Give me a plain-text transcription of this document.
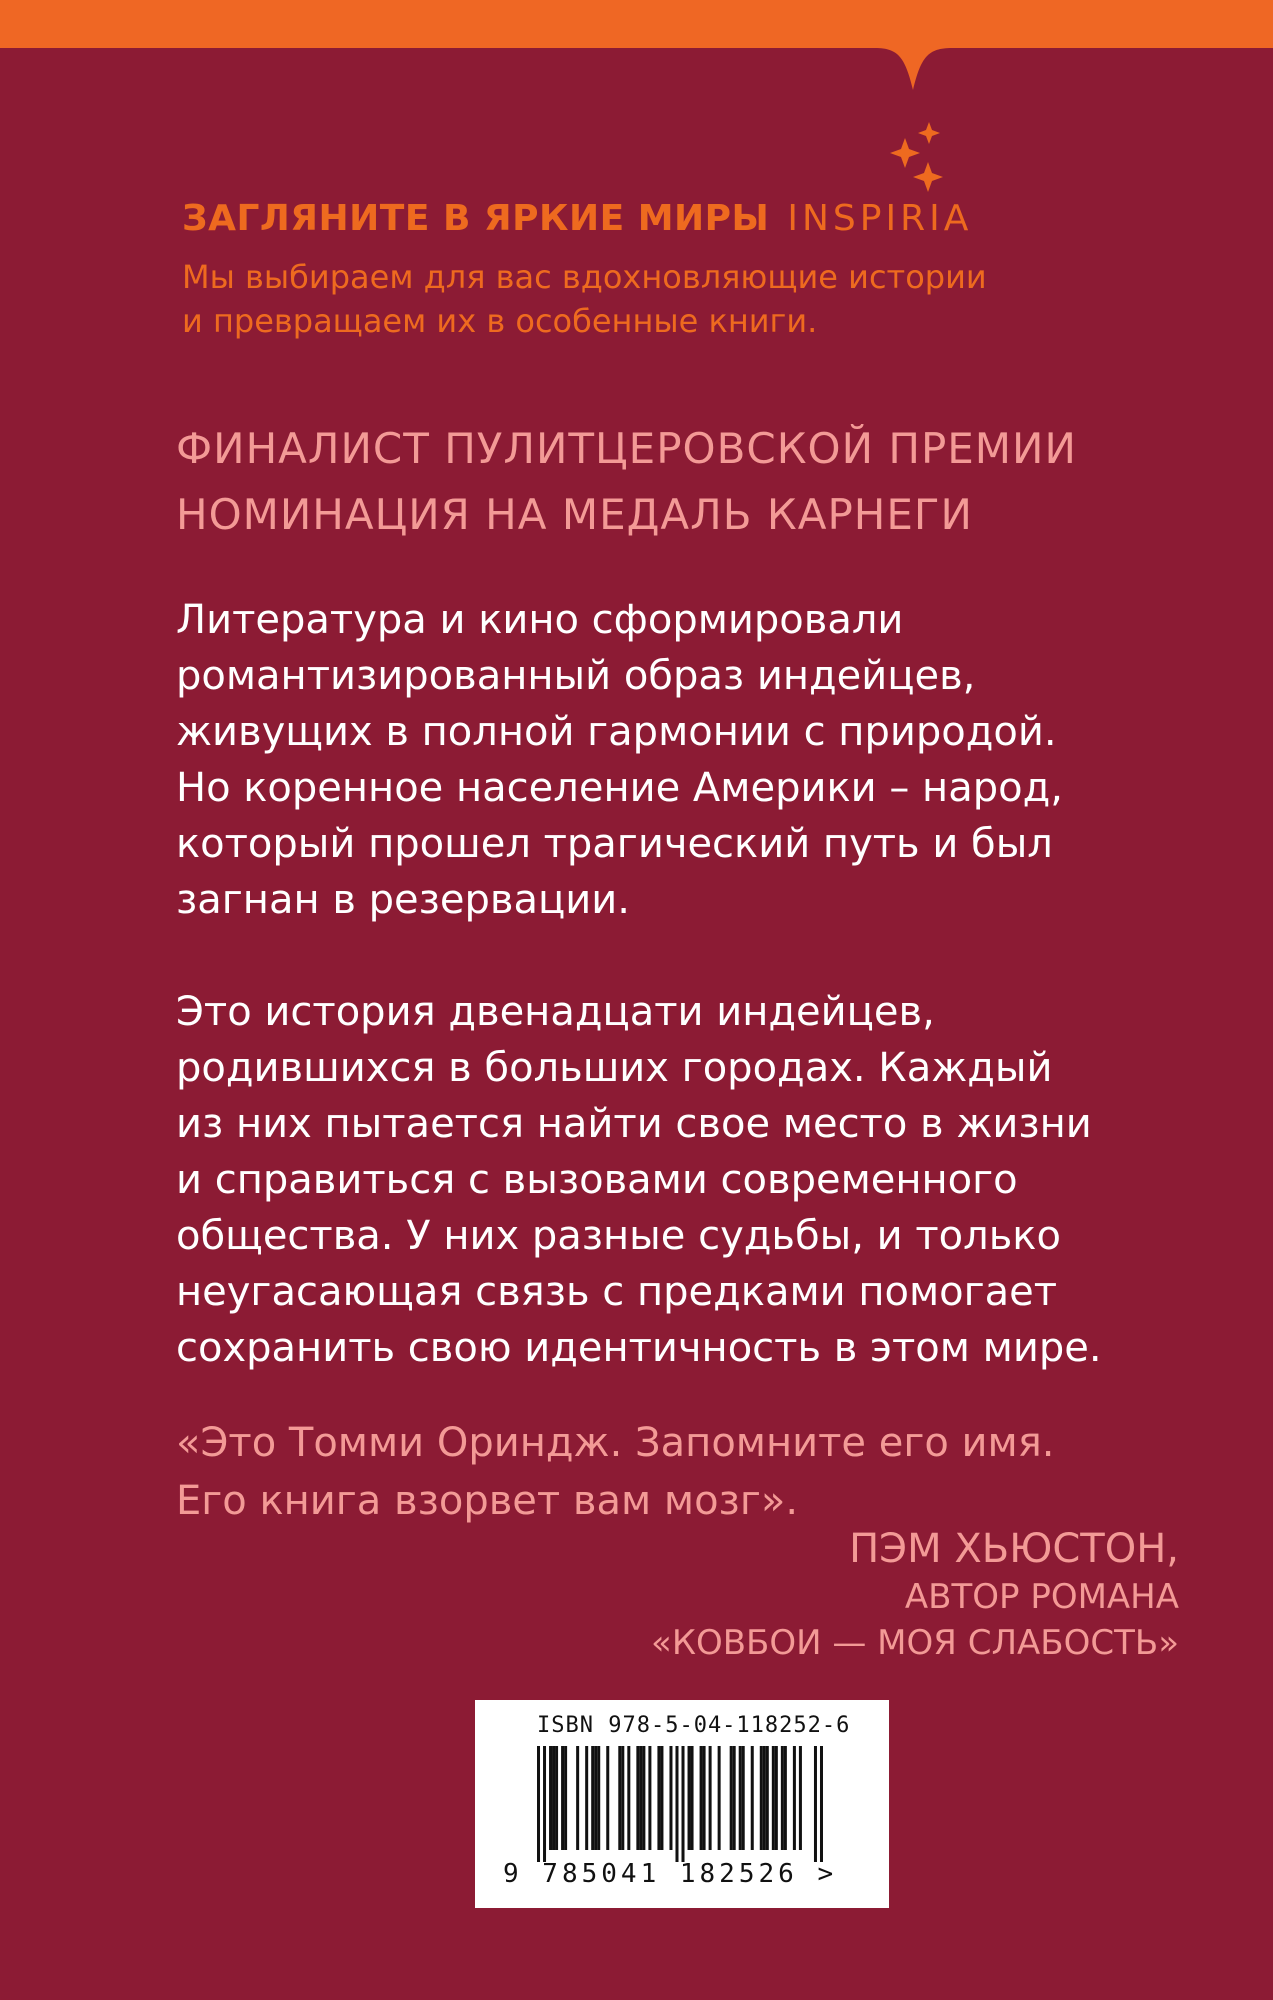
ЗАГЛЯНИТЕ В ЯРКИЕ МИРЫ INSPIRIA
Мы выбираем для вас вдохновляющие истории
и превращаем их в особенные книги.
ФИНАЛИСТ ПУЛИТЦЕРОВСКОЙ ПРЕМИИ
НОМИНАЦИЯ НА МЕДАЛЬ КАРНЕГИ

Литература и кино сформировали
романтизированный образ индейцев,
живущих в полной гармонии с природой.
Но коренное население Америки – народ,
который прошел трагический путь и был
загнан в резервации.

Это история двенадцати индейцев,
родившихся в больших городах. Каждый
из них пытается найти свое место в жизни
и справиться с вызовами современного
общества. У них разные судьбы, и только
неугасающая связь с предками помогает
сохранить свою идентичность в этом мире.

«Это Томми Ориндж. Запомните его имя.
Его книга взорвет вам мозг».
ПЭМ ХЬЮСТОН,
АВТОР РОМАНА
«КОВБОИ — МОЯ СЛАБОСТЬ»
ISBN 978-5-04-118252-6
9 785041 182526 >
